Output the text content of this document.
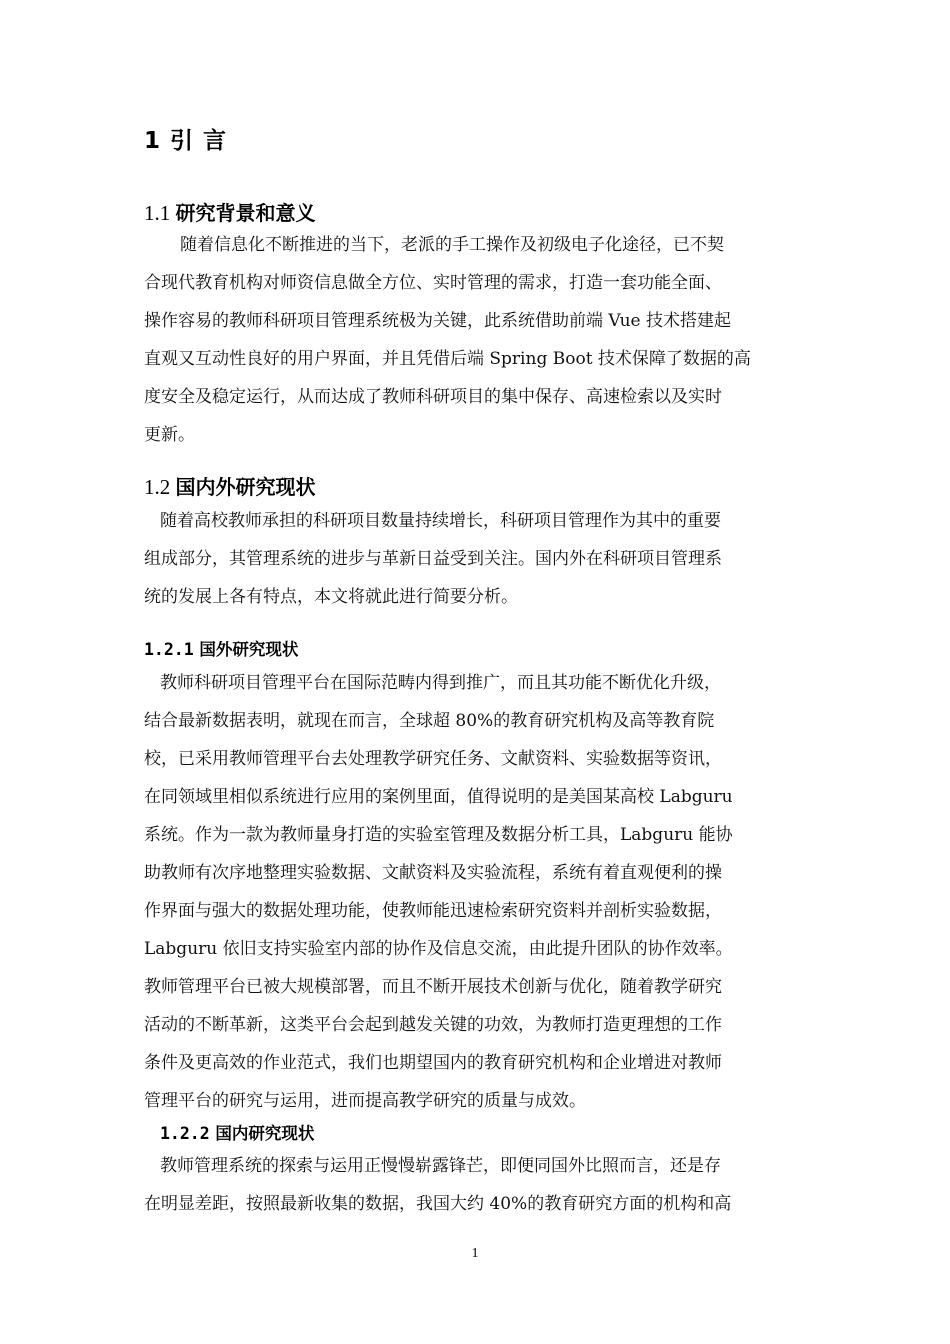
1 引 言
1.1 研究背景和意义
随着信息化不断推进的当下，老派的手工操作及初级电子化途径，已不契
合现代教育机构对师资信息做全方位、实时管理的需求，打造一套功能全面、
操作容易的教师科研项目管理系统极为关键，此系统借助前端 Vue 技术搭建起
直观又互动性良好的用户界面，并且凭借后端 Spring Boot 技术保障了数据的高
度安全及稳定运行，从而达成了教师科研项目的集中保存、高速检索以及实时
更新。
1.2 国内外研究现状
随着高校教师承担的科研项目数量持续增长，科研项目管理作为其中的重要
组成部分，其管理系统的进步与革新日益受到关注。国内外在科研项目管理系
统的发展上各有特点，本文将就此进行简要分析。
1.2.1 国外研究现状
教师科研项目管理平台在国际范畴内得到推广，而且其功能不断优化升级，
结合最新数据表明，就现在而言，全球超 80%的教育研究机构及高等教育院
校，已采用教师管理平台去处理教学研究任务、文献资料、实验数据等资讯，
在同领域里相似系统进行应用的案例里面，值得说明的是美国某高校 Labguru
系统。作为一款为教师量身打造的实验室管理及数据分析工具，Labguru 能协
助教师有次序地整理实验数据、文献资料及实验流程，系统有着直观便利的操
作界面与强大的数据处理功能，使教师能迅速检索研究资料并剖析实验数据，
Labguru 依旧支持实验室内部的协作及信息交流，由此提升团队的协作效率。
教师管理平台已被大规模部署，而且不断开展技术创新与优化，随着教学研究
活动的不断革新，这类平台会起到越发关键的功效，为教师打造更理想的工作
条件及更高效的作业范式，我们也期望国内的教育研究机构和企业增进对教师
管理平台的研究与运用，进而提高教学研究的质量与成效。
1.2.2 国内研究现状
教师管理系统的探索与运用正慢慢崭露锋芒，即便同国外比照而言，还是存
在明显差距，按照最新收集的数据，我国大约 40%的教育研究方面的机构和高
1
